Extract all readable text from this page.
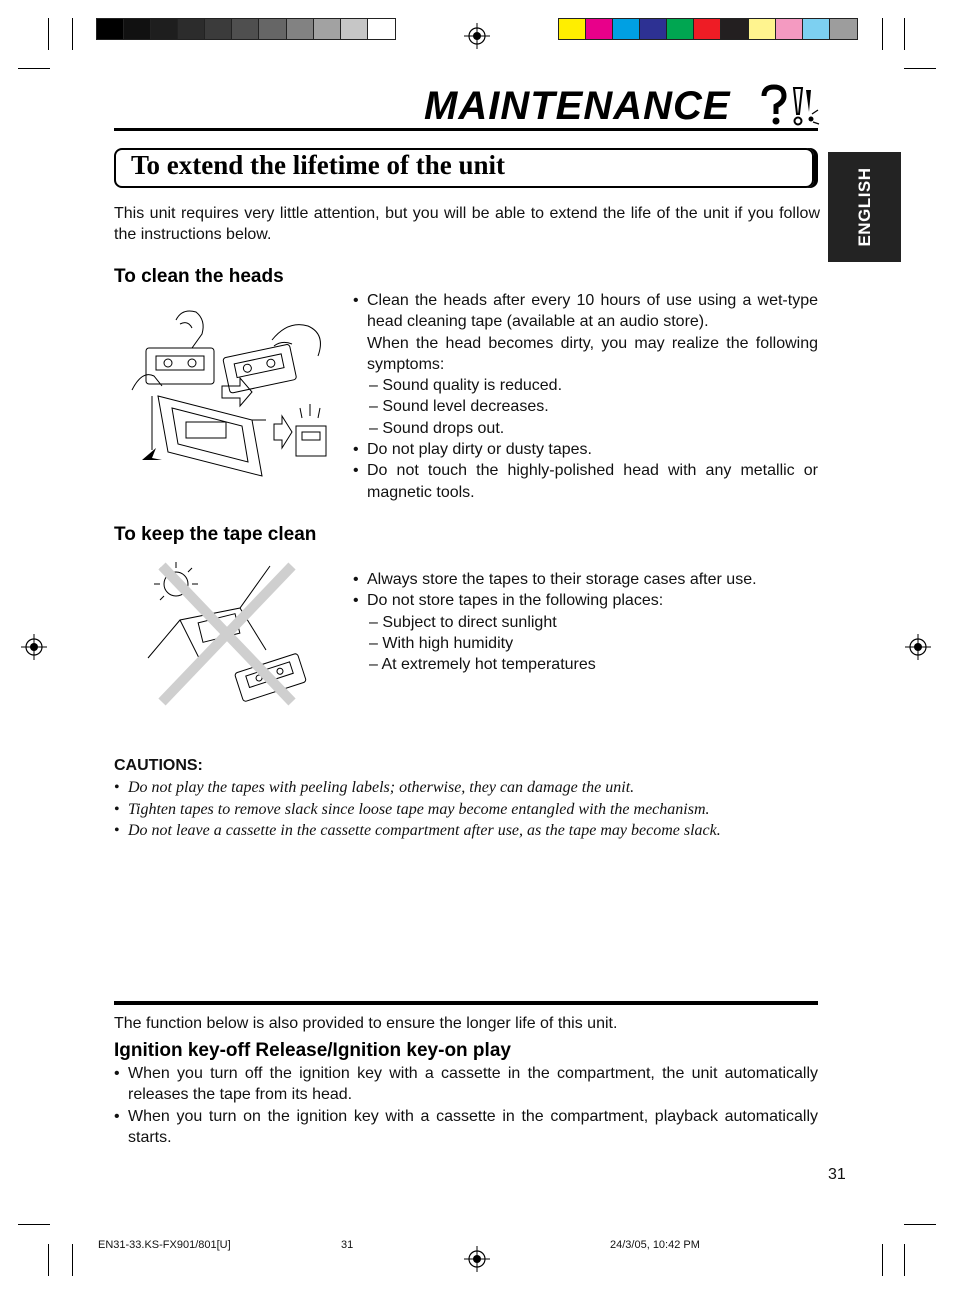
MAINTENANCE
To extend the lifetime of the unit
ENGLISH
This unit requires very little attention, but you will be able to extend the life of the unit if you follow the instructions below.
To clean the heads
• Clean the heads after every 10 hours of use using a wet-type head cleaning tape (available at an audio store).
When the head becomes dirty, you may realize the following symptoms:
– Sound quality is reduced.
– Sound level decreases.
– Sound drops out.
• Do not play dirty or dusty tapes.
• Do not touch the highly-polished head with any metallic or magnetic tools.
To keep the tape clean
• Always store the tapes to their storage cases after use.
• Do not store tapes in the following places:
– Subject to direct sunlight
– With high humidity
– At extremely hot temperatures
CAUTIONS:
• Do not play the tapes with peeling labels; otherwise, they can damage the unit.
• Tighten tapes to remove slack since loose tape may become entangled with the mechanism.
• Do not leave a cassette in the cassette compartment after use, as the tape may become slack.
The function below is also provided to ensure the longer life of this unit.
Ignition key-off Release/Ignition key-on play
• When you turn off the ignition key with a cassette in the compartment, the unit automatically releases the tape from its head.
• When you turn on the ignition key with a cassette in the compartment, playback automatically starts.
31
EN31-33.KS-FX901/801[U]	31	24/3/05, 10:42 PM
